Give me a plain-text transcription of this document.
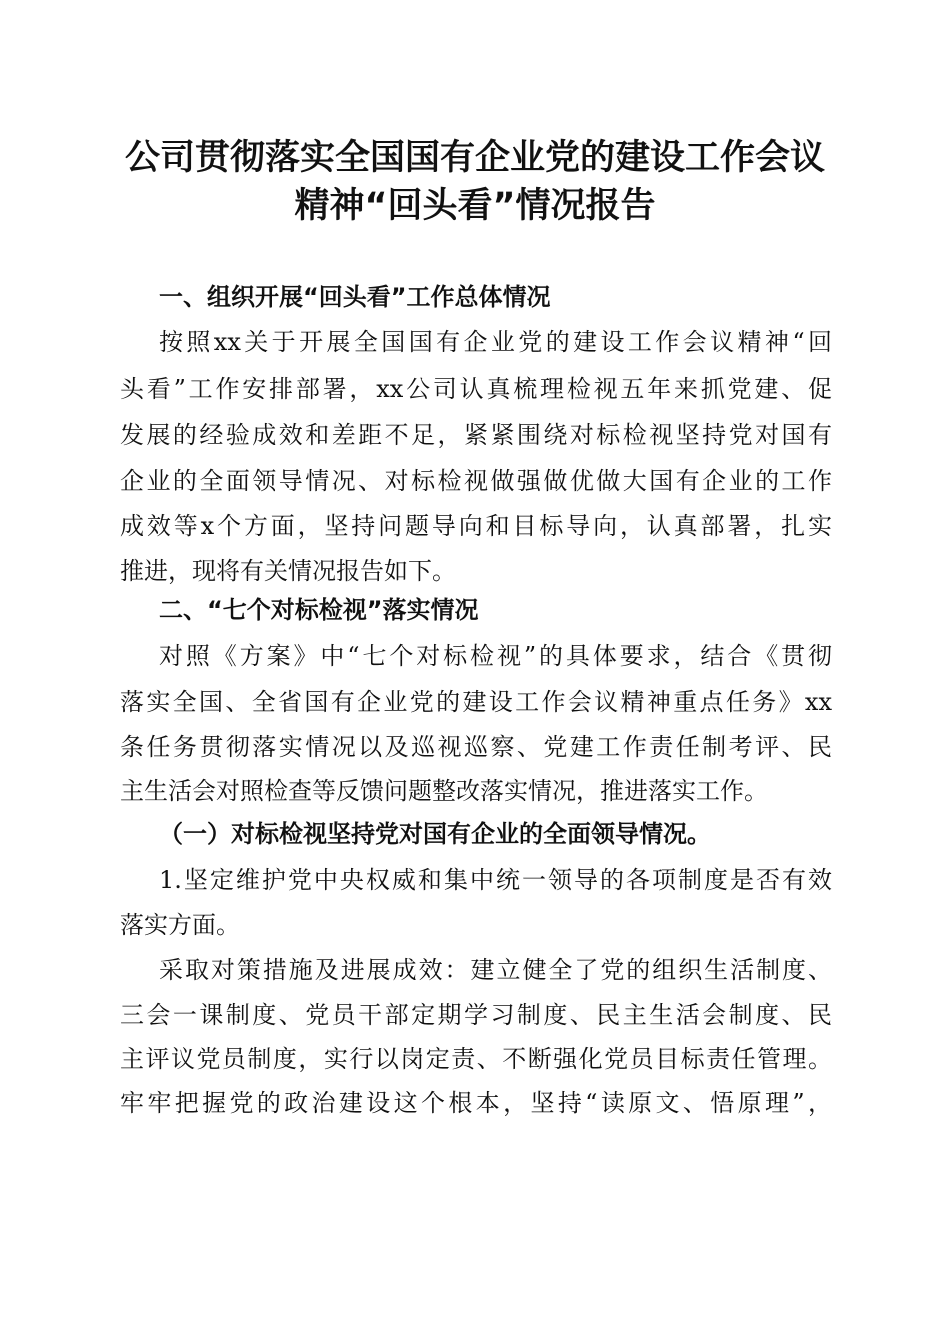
公司贯彻落实全国国有企业党的建设工作会议
精神“回头看”情况报告
一、组织开展“回头看”工作总体情况
按照xx关于开展全国国有企业党的建设工作会议精神“回
头看”工作安排部署，xx公司认真梳理检视五年来抓党建、促
发展的经验成效和差距不足，紧紧围绕对标检视坚持党对国有
企业的全面领导情况、对标检视做强做优做大国有企业的工作
成效等x个方面，坚持问题导向和目标导向，认真部署，扎实
推进，现将有关情况报告如下。
二、“七个对标检视”落实情况
对照《方案》中“七个对标检视”的具体要求，结合《贯彻
落实全国、全省国有企业党的建设工作会议精神重点任务》xx
条任务贯彻落实情况以及巡视巡察、党建工作责任制考评、民
主生活会对照检查等反馈问题整改落实情况，推进落实工作。
（一）对标检视坚持党对国有企业的全面领导情况。
1.坚定维护党中央权威和集中统一领导的各项制度是否有效
落实方面。
采取对策措施及进展成效：建立健全了党的组织生活制度、
三会一课制度、党员干部定期学习制度、民主生活会制度、民
主评议党员制度，实行以岗定责、不断强化党员目标责任管理。
牢牢把握党的政治建设这个根本，坚持“读原文、悟原理”，
